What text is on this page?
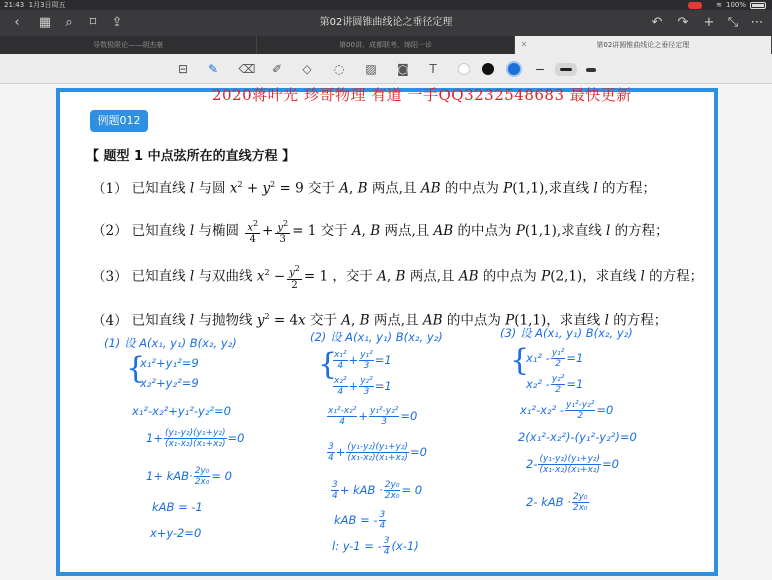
21:43 1月3日周五	≋ 100%
第02讲圆锥曲线论之垂径定理
‹	▦	⌕	⌑	⇪	↶ ↷ + ⤡ ⋯
导数极限论——胡杰豪	第00讲、成都联考、绵阳一诊	✕	第02讲圆锥曲线论之垂径定理
⊟	✎	⌫	✐	◇	◌	▨ ◙	T
2020蒋叶光 珍哥物理 有道 一手QQ3232548683 最快更新
例题012
【 题型 1 中点弦所在的直线方程 】
（1） 已知直线 l 与圆 $x^2 + y^2 = 9$ 交于 A, B 两点,且 AB 的中点为 P(1,1),求直线 l 的方程；
（2） 已知直线 l 与椭圆 $\frac{x^2}{4} + \frac{y^2}{3} = 1$ 交于 A, B 两点,且 AB 的中点为 P(1,1),求直线 l 的方程；
（3） 已知直线 l 与双曲线 $x^2 - \frac{y^2}{2} = 1$ ，交于 A, B 两点,且 AB 的中点为 P(2,1)，求直线 l 的方程；
（4） 已知直线 l 与抛物线 $y^2 = 4x$ 交于 A, B 两点,且 AB 的中点为 P(1,1)，求直线 l 的方程；
(1) 设 A(x₁, y₁) B(x₂, y₂)
{
x₁²+y₁²=9
x₂²+y₂²=9
x₁²-x₂²+y₁²-y₂²=0
$1+ \frac{\text{(y₁-y₂)(y₁+y₂)}}{\text{(x₁-x₂)(x₁+x₂)}} =0$
$1+ kAB\cdot \frac{\text{2y₀}}{\text{2x₀}} = 0$
kAB = -1
x+y-2=0
(2) 设 A(x₁, y₁) B(x₂, y₂)
{
$\frac{\text{x₁²}}{4} + \frac{\text{y₁²}}{3} =1$
$\frac{\text{x₂²}}{4} + \frac{\text{y₂²}}{3} =1$
$\frac{\text{x₁²-x₂²}}{4} + \frac{\text{y₁²-y₂²}}{3} =0$
$\frac{3}{4} + \frac{\text{(y₁-y₂)(y₁+y₂)}}{\text{(x₁-x₂)(x₁+x₂)}} =0$
$\frac{3}{4}$ + kAB · $\frac{\text{2y₀}}{\text{2x₀}} = 0$
kAB = - $\frac{3}{4}$
l: y-1 = - $\frac{3}{4} (x-1)$
(3) 设 A(x₁, y₁) B(x₂, y₂)
{
$x_1^2 - \frac{\text{y₁²}}{2} =1$
$x_2^2 - \frac{\text{y₂²}}{2} =1$
$x_1^2-x_2^2 - \frac{\text{y₁²-y₂²}}{2} =0$
2(x₁²-x₂²)-(y₁²-y₂²)=0
$2- \frac{\text{(y₁-y₂)(y₁+y₂)}}{\text{(x₁-x₂)(x₁+x₂)}} =0$
2- kAB · $\frac{\text{2y₀}}{\text{2x₀}}$
